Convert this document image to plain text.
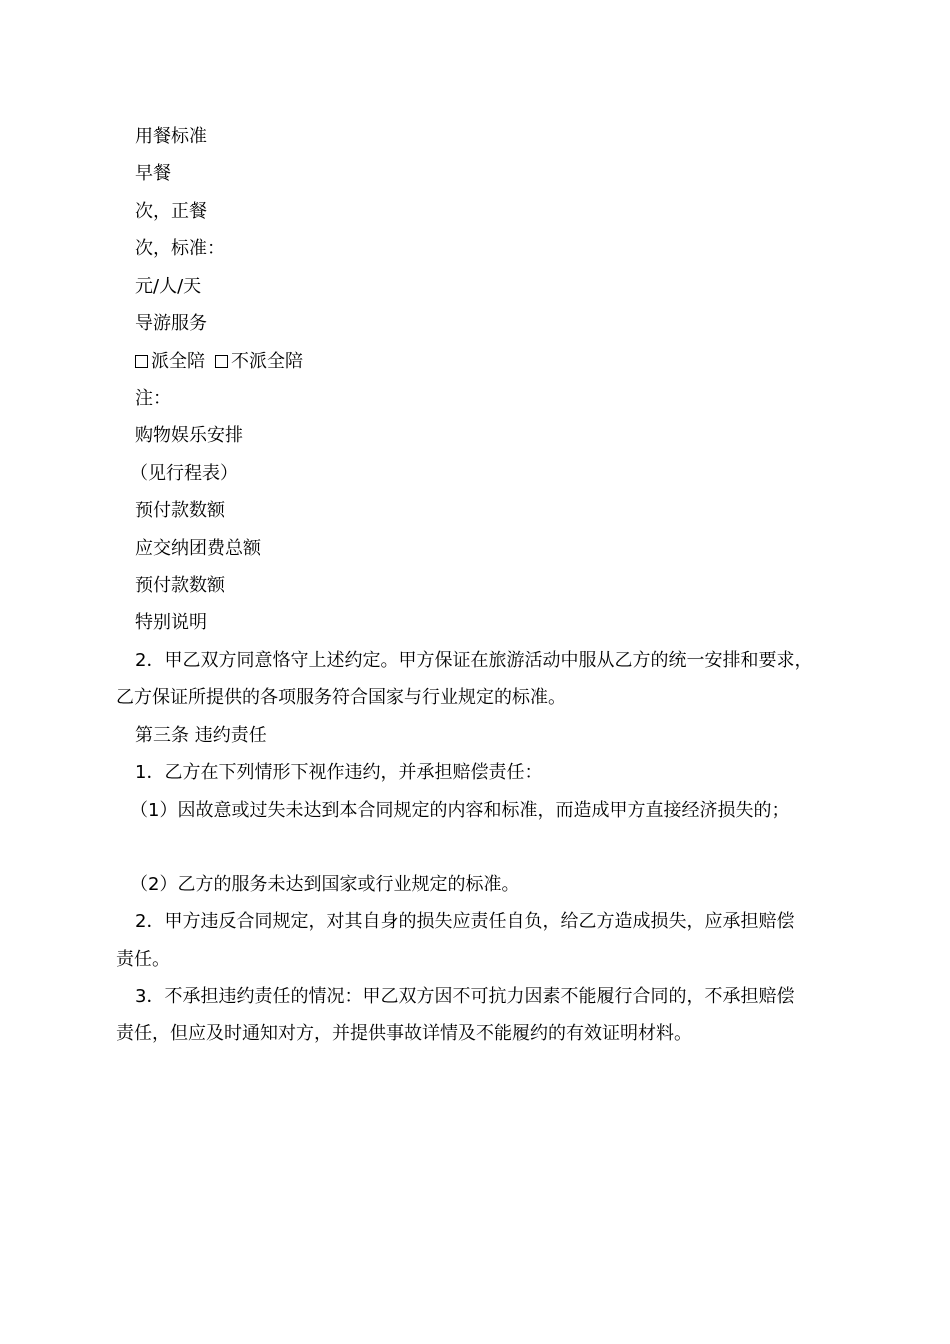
用餐标准
早餐
次，正餐
次，标准：
元/人/天
导游服务
派全陪 不派全陪
注：
购物娱乐安排
（见行程表）
预付款数额
应交纳团费总额
预付款数额
特别说明
2．甲乙双方同意恪守上述约定。甲方保证在旅游活动中服从乙方的统一安排和要求，
乙方保证所提供的各项服务符合国家与行业规定的标准。
第三条 违约责任
1．乙方在下列情形下视作违约，并承担赔偿责任：
（1）因故意或过失未达到本合同规定的内容和标准，而造成甲方直接经济损失的；
（2）乙方的服务未达到国家或行业规定的标准。
2．甲方违反合同规定，对其自身的损失应责任自负，给乙方造成损失，应承担赔偿
责任。
3．不承担违约责任的情况：甲乙双方因不可抗力因素不能履行合同的，不承担赔偿
责任，但应及时通知对方，并提供事故详情及不能履约的有效证明材料。
